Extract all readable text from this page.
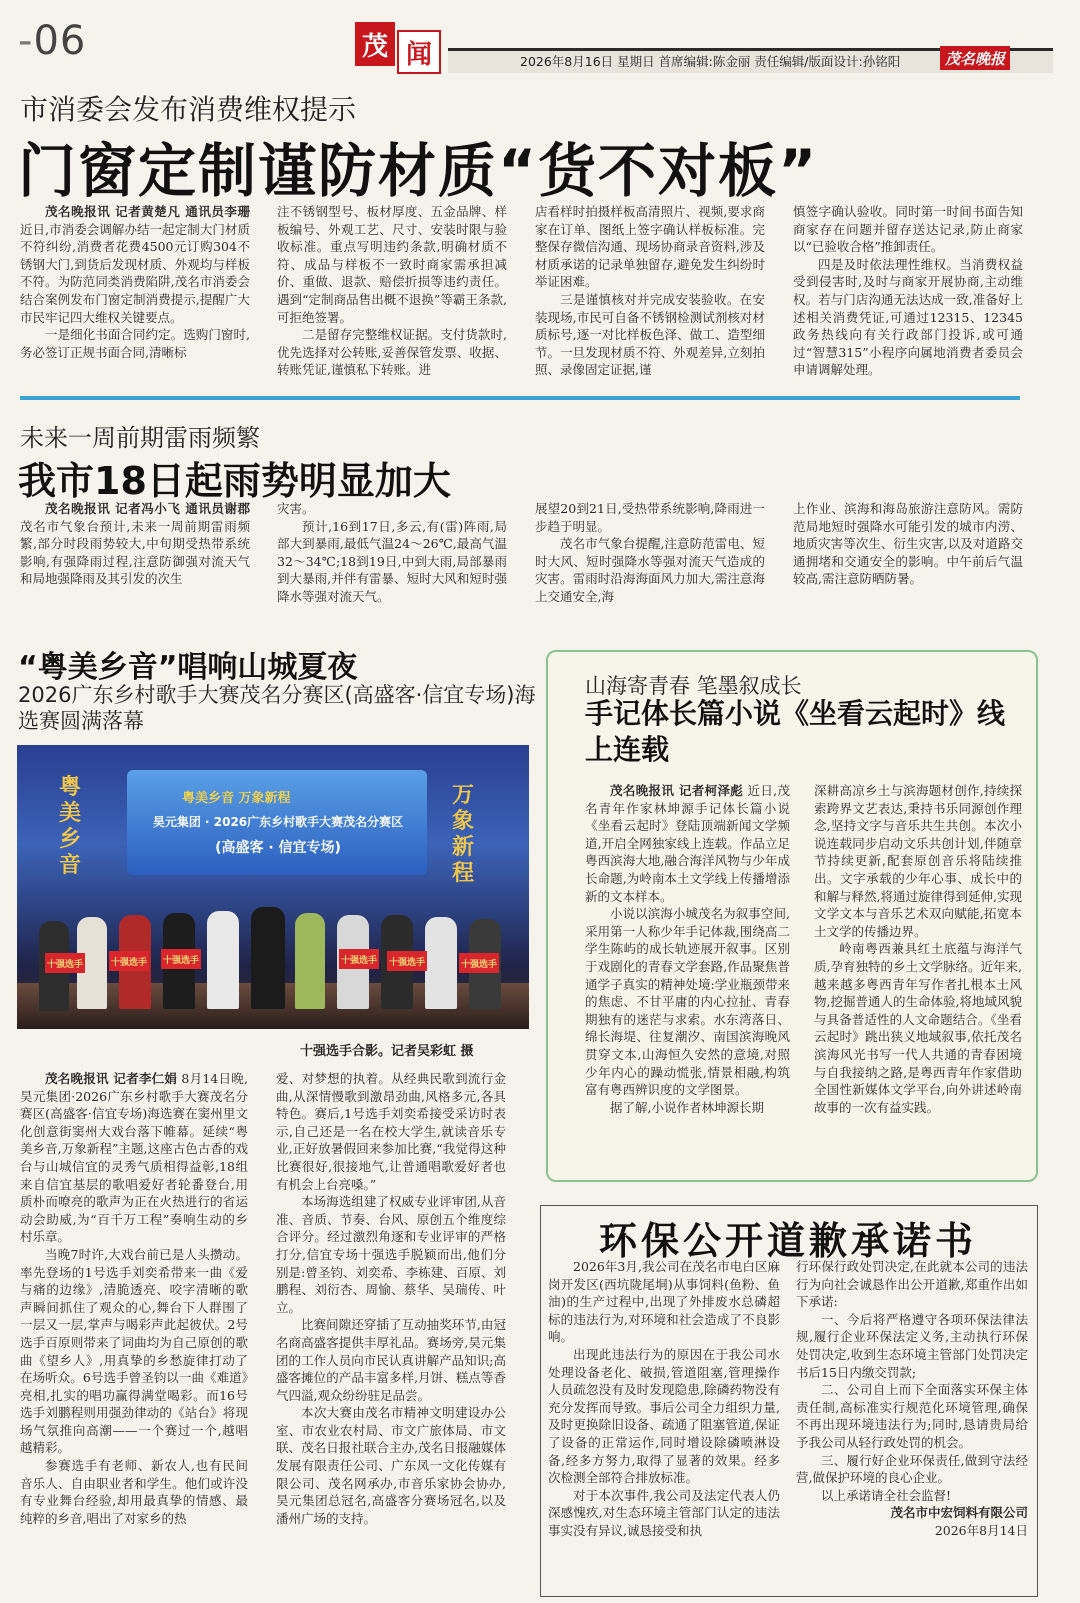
-06	茂 闻	2026年8月16日 星期日 首席编辑:陈金丽 责任编辑/版面设计:孙铭阳	茂名晚报
市消委会发布消费维权提示
门窗定制谨防材质“货不对板”

茂名晚报讯 记者黄楚凡 通讯员李珊 近日,市消委会调解办结一起定制大门材质不符纠纷,消费者花费4500元订购304不锈钢大门,到货后发现材质、外观均与样板不符。为防范同类消费陷阱,茂名市消委会结合案例发布门窗定制消费提示,提醒广大市民牢记四大维权关键要点。

一是细化书面合同约定。选购门窗时,务必签订正规书面合同,清晰标

注不锈钢型号、板材厚度、五金品牌、样板编号、外观工艺、尺寸、安装时限与验收标准。重点写明违约条款,明确材质不符、成品与样板不一致时商家需承担减价、重做、退款、赔偿折损等违约责任。遇到“定制商品售出概不退换”等霸王条款,可拒绝签署。

二是留存完整维权证据。支付货款时,优先选择对公转账,妥善保管发票、收据、转账凭证,谨慎私下转账。进

店看样时拍摄样板高清照片、视频,要求商家在订单、图纸上签字确认样板标准。完整保存微信沟通、现场协商录音资料,涉及材质承诺的记录单独留存,避免发生纠纷时举证困难。

三是谨慎核对并完成安装验收。在安装现场,市民可自备不锈钢检测试剂核对材质标号,逐一对比样板色泽、做工、造型细节。一旦发现材质不符、外观差异,立刻拍照、录像固定证据,谨

慎签字确认验收。同时第一时间书面告知商家存在问题并留存送达记录,防止商家以“已验收合格”推卸责任。

四是及时依法理性维权。当消费权益受到侵害时,及时与商家开展协商,主动维权。若与门店沟通无法达成一致,准备好上述相关消费凭证,可通过12315、12345政务热线向有关行政部门投诉,或可通过“智慧315”小程序向属地消费者委员会申请调解处理。

未来一周前期雷雨频繁
我市18日起雨势明显加大

茂名晚报讯 记者冯小飞 通讯员谢郡 茂名市气象台预计,未来一周前期雷雨频繁,部分时段雨势较大,中旬期受热带系统影响,有强降雨过程,注意防御强对流天气和局地强降雨及其引发的次生

灾害。

预计,16到17日,多云,有(雷)阵雨,局部大到暴雨,最低气温24～26℃,最高气温32～34℃;18到19日,中到大雨,局部暴雨到大暴雨,并伴有雷暴、短时大风和短时强降水等强对流天气。

展望20到21日,受热带系统影响,降雨进一步趋于明显。

茂名市气象台提醒,注意防范雷电、短时大风、短时强降水等强对流天气造成的灾害。雷雨时沿海海面风力加大,需注意海上交通安全,海

上作业、滨海和海岛旅游注意防风。需防范局地短时强降水可能引发的城市内涝、地质灾害等次生、衍生灾害,以及对道路交通拥堵和交通安全的影响。中午前后气温较高,需注意防晒防暑。

“粤美乡音”唱响山城夏夜
2026广东乡村歌手大赛茂名分赛区(高盛客·信宜专场)海选赛圆满落幕
粤美乡音 万象新程
昊元集团 · 2026广东乡村歌手大赛茂名分赛区
(高盛客 · 信宜专场)
粤美乡音
万象新程
十强选手	十强选手 十强选手	十强选手 十强选手	十强选手
十强选手合影。记者吴彩虹 摄

茂名晚报讯 记者李仁娟 8月14日晚,昊元集团·2026广东乡村歌手大赛茂名分赛区(高盛客·信宜专场)海选赛在窦州里文化创意街窦州大戏台落下帷幕。延续“粤美乡音,万象新程”主题,这座古色古香的戏台与山城信宜的灵秀气质相得益彰,18组来自信宜基层的歌唱爱好者轮番登台,用质朴而嘹亮的歌声为正在火热进行的省运动会助威,为“百千万工程”奏响生动的乡村乐章。

当晚7时许,大戏台前已是人头攒动。率先登场的1号选手刘奕希带来一曲《爱与痛的边缘》,清脆透亮、咬字清晰的歌声瞬间抓住了观众的心,舞台下人群围了一层又一层,掌声与喝彩声此起彼伏。2号选手百原则带来了词曲均为自己原创的歌曲《望乡人》,用真挚的乡愁旋律打动了在场听众。6号选手曾圣钧以一曲《难道》亮相,扎实的唱功赢得满堂喝彩。而16号选手刘鹏程则用强劲律动的《站台》将现场气氛推向高潮——一个赛过一个,越唱越精彩。

参赛选手有老师、新农人,也有民间音乐人、自由职业者和学生。他们或许没有专业舞台经验,却用最真挚的情感、最纯粹的乡音,唱出了对家乡的热

爱、对梦想的执着。从经典民歌到流行金曲,从深情慢歌到激昂劲曲,风格多元,各具特色。赛后,1号选手刘奕希接受采访时表示,自己还是一名在校大学生,就读音乐专业,正好放暑假回来参加比赛,“我觉得这种比赛很好,很接地气,让普通唱歌爱好者也有机会上台亮嗓。”

本场海选组建了权威专业评审团,从音准、音质、节奏、台风、原创五个维度综合评分。经过激烈角逐和专业评审的严格打分,信宜专场十强选手脱颖而出,他们分别是:曾圣钧、刘奕希、李栋建、百原、刘鹏程、刘衍杏、周愉、蔡华、吴瑞传、叶立。

比赛间隙还穿插了互动抽奖环节,由冠名商高盛客提供丰厚礼品。赛场旁,昊元集团的工作人员向市民认真讲解产品知识;高盛客摊位的产品丰富多样,月饼、糕点等香气四溢,观众纷纷驻足品尝。

本次大赛由茂名市精神文明建设办公室、市农业农村局、市文广旅体局、市文联、茂名日报社联合主办,茂名日报融媒体发展有限责任公司、广东凤一文化传媒有限公司、茂名网承办,市音乐家协会协办,昊元集团总冠名,高盛客分赛场冠名,以及潘州广场的支持。

山海寄青春 笔墨叙成长
手记体长篇小说《坐看云起时》线上连载

茂名晚报讯 记者柯泽彪 近日,茂名青年作家林坤源手记体长篇小说《坐看云起时》登陆顶端新闻文学频道,开启全网独家线上连载。作品立足粤西滨海大地,融合海洋风物与少年成长命题,为岭南本土文学线上传播增添新的文本样本。

小说以滨海小城茂名为叙事空间,采用第一人称少年手记体裁,围绕高二学生陈屿的成长轨迹展开叙事。区别于戏剧化的青春文学套路,作品聚焦普通学子真实的精神处境:学业瓶颈带来的焦虑、不甘平庸的内心拉扯、青春期独有的迷茫与求索。水东湾落日、绵长海堤、往复潮汐、南国滨海晚风贯穿文本,山海恒久安然的意境,对照少年内心的躁动慌张,情景相融,构筑富有粤西辨识度的文学图景。

据了解,小说作者林坤源长期

深耕高凉乡土与滨海题材创作,持续探索跨界文艺表达,秉持书乐同源创作理念,坚持文字与音乐共生共创。本次小说连载同步启动文乐共创计划,伴随章节持续更新,配套原创音乐将陆续推出。文字承载的少年心事、成长中的和解与释然,将通过旋律得到延伸,实现文学文本与音乐艺术双向赋能,拓宽本土文学的传播边界。

岭南粤西兼具红土底蕴与海洋气质,孕育独特的乡土文学脉络。近年来,越来越多粤西青年写作者扎根本土风物,挖掘普通人的生命体验,将地域风貌与具备普适性的人文命题结合。《坐看云起时》跳出狭义地域叙事,依托茂名滨海风光书写一代人共通的青春困境与自我接纳之路,是粤西青年作家借助全国性新媒体文学平台,向外讲述岭南故事的一次有益实践。

环保公开道歉承诺书

2026年3月,我公司在茂名市电白区麻岗开发区(西坑陇尾垌)从事饲料(鱼粉、鱼油)的生产过程中,出现了外排废水总磷超标的违法行为,对环境和社会造成了不良影响。

出现此违法行为的原因在于我公司水处理设备老化、破损,管道阻塞,管理操作人员疏忽没有及时发现隐患,除磷药物没有充分发挥而导致。事后公司全力组织力量,及时更换除旧设备、疏通了阻塞管道,保证了设备的正常运作,同时增设除磷喷淋设备,经多方努力,取得了显著的效果。经多次检测全部符合排放标准。

对于本次事件,我公司及法定代表人仍深感愧疚,对生态环境主管部门认定的违法事实没有异议,诚恳接受和执

行环保行政处罚决定,在此就本公司的违法行为向社会诚恳作出公开道歉,郑重作出如下承诺:

一、今后将严格遵守各项环保法律法规,履行企业环保法定义务,主动执行环保处罚决定,收到生态环境主管部门处罚决定书后15日内缴交罚款;

二、公司自上而下全面落实环保主体责任制,高标准实行规范化环境管理,确保不再出现环境违法行为;同时,恳请贵局给予我公司从轻行政处罚的机会。

三、履行好企业环保责任,做到守法经营,做保护环境的良心企业。

以上承诺请全社会监督!

茂名市中宏饲料有限公司

2026年8月14日
